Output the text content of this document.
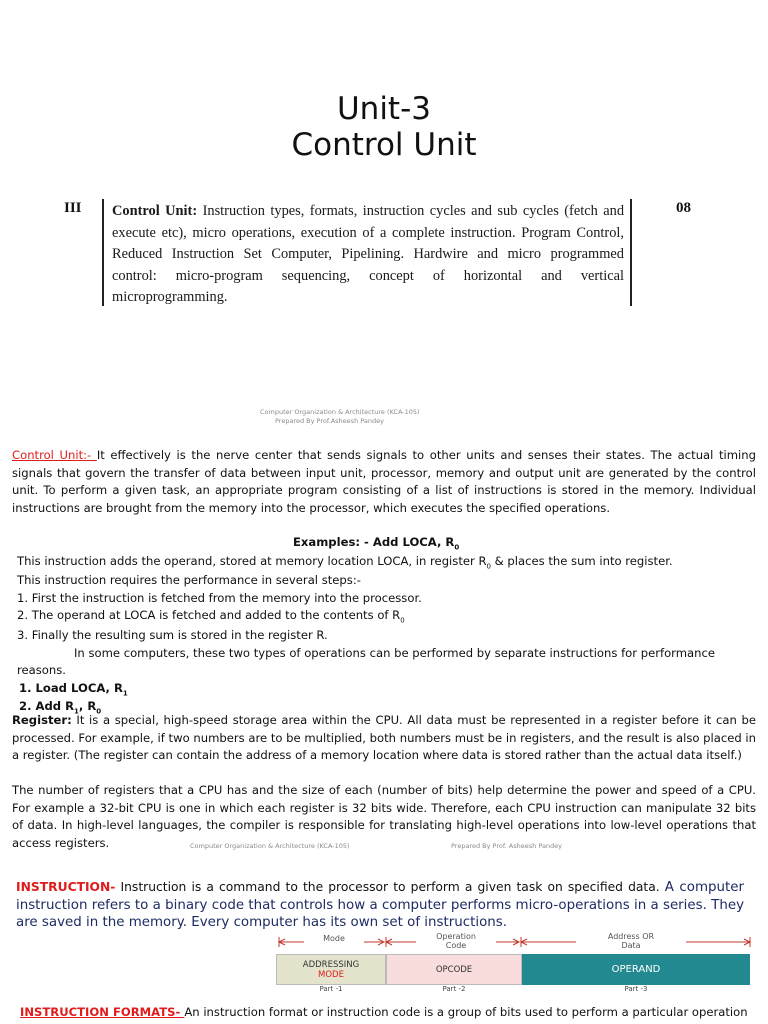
Unit-3
Control Unit
III	Control Unit: Instruction types, formats, instruction cycles and sub cycles (fetch and execute etc), micro operations, execution of a complete instruction. Program Control, Reduced Instruction Set Computer, Pipelining. Hardwire and micro programmed control: micro-program sequencing, concept of horizontal and vertical microprogramming.
08
Computer Organization & Architecture (KCA-105)
Prepared By Prof.Asheesh Pandey
Control Unit:- It effectively is the nerve center that sends signals to other units and senses their states. The actual timing signals that govern the transfer of data between input unit, processor, memory and output unit are generated by the control unit. To perform a given task, an appropriate program consisting of a list of instructions is stored in the memory. Individual instructions are brought from the memory into the processor, which executes the specified operations.
Examples: - Add LOCA, $R_0$
This instruction adds the operand, stored at memory location LOCA, in register $R_0$ & places the sum into register.
This instruction requires the performance in several steps:-
1. First the instruction is fetched from the memory into the processor.
2. The operand at LOCA is fetched and added to the contents of $R_0$
3. Finally the resulting sum is stored in the register R.
In some computers, these two types of operations can be performed by separate instructions for performance
reasons.
1. Load LOCA, $R_1$
2. Add $R_1$, $R_0$
Register: It is a special, high-speed storage area within the CPU. All data must be represented in a register before it can be processed. For example, if two numbers are to be multiplied, both numbers must be in registers, and the result is also placed in a register. (The register can contain the address of a memory location where data is stored rather than the actual data itself.)
The number of registers that a CPU has and the size of each (number of bits) help determine the power and speed of a CPU. For example a 32-bit CPU is one in which each register is 32 bits wide. Therefore, each CPU instruction can manipulate 32 bits of data. In high-level languages, the compiler is responsible for translating high-level operations into low-level operations that access registers.	Computer Organization & Architecture (KCA-105)	Prepared By Prof. Asheesh Pandey
INSTRUCTION- Instruction is a command to the processor to perform a given task on specified data. A computer instruction refers to a binary code that controls how a computer performs micro-operations in a series. They are saved in the memory. Every computer has its own set of instructions.
Mode	Operation
Code
Address OR
Data
ADDRESSING
MODE	OPCODE	OPERAND
Part -1	Part -2	Part -3
INSTRUCTION FORMATS- An instruction format or instruction code is a group of bits used to perform a particular operation
